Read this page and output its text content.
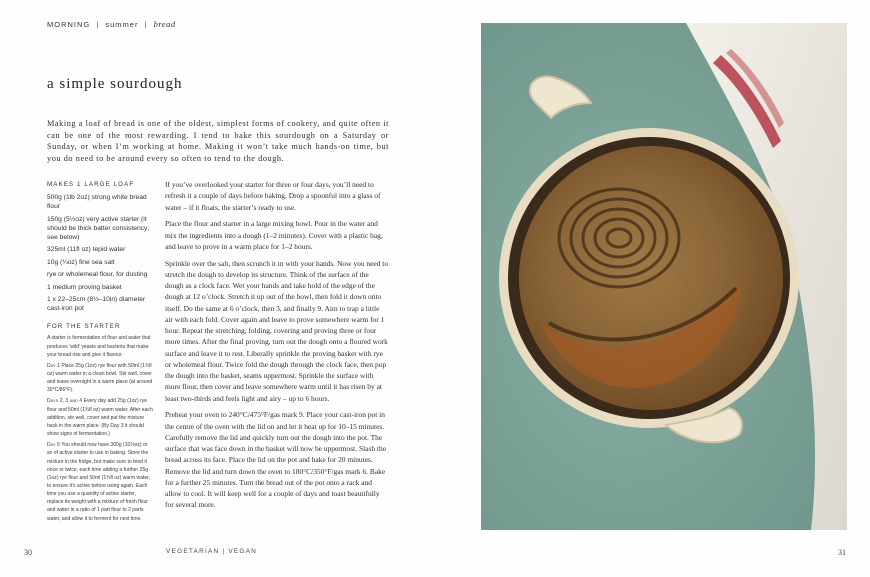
MORNING | summer | bread
a simple sourdough

Making a loaf of bread is one of the oldest, simplest forms of cookery, and quite often it can be one of the most rewarding. I tend to bake this sourdough on a Saturday or Sunday, or when I’m working at home. Making it won’t take much hands-on time, but you do need to be around every so often to tend to the dough.

MAKES 1 LARGE LOAF
500g (1lb 2oz) strong white bread flour
150g (5½oz) very active starter (it should be thick batter consistency; see below)
325ml (11fl oz) tepid water
10g (¼oz) fine sea salt
rye or wholemeal flour, for dusting
1 medium proving basket
1 x 22–25cm (8½–10in) diameter cast-iron pot
FOR THE STARTER

A starter is fermentation of flour and water that produces ‘wild’ yeasts and bacteria that make your bread rise and give it flavour.

Day 1 Place 25g (1oz) rye flour with 50ml (1¾fl oz) warm water in a clean bowl. Stir well, cover and leave overnight in a warm place (at around 30°C/86°F).

Days 2, 3 and 4 Every day add 25g (1oz) rye flour and 50ml (1¾fl oz) warm water. After each addition, stir well, cover and put the mixture back in the warm place. (By Day 3 it should show signs of fermentation.)

Day 5 You should now have 300g (10½oz) or so of active starter to use in baking. Store the mixture in the fridge, but make sure to feed it once or twice, each time adding a further 25g (1oz) rye flour and 50ml (1¾fl oz) warm water, to ensure it’s active before using again. Each time you use a quantity of active starter, replace its weight with a mixture of fresh flour and water in a ratio of 1 part flour to 2 parts water, and allow it to ferment for next time.

If you’ve overlooked your starter for three or four days, you’ll need to refresh it a couple of days before baking. Drop a spoonful into a glass of water – if it floats, the starter’s ready to use.

Place the flour and starter in a large mixing bowl. Pour in the water and mix the ingredients into a dough (1–2 minutes). Cover with a plastic bag, and leave to prove in a warm place for 1–2 hours.

Sprinkle over the salt, then scrunch it in with your hands. Now you need to stretch the dough to develop its structure. Think of the surface of the dough as a clock face. Wet your hands and take hold of the edge of the dough at 12 o’clock. Stretch it up out of the bowl, then fold it down onto itself. Do the same at 6 o’clock, then 3, and finally 9. Aim to trap a little air with each fold. Cover again and leave to prove somewhere warm for 1 hour. Repeat the stretching, folding, covering and proving three or four more times. After the final proving, turn out the dough onto a floured work surface and leave it to rest. Liberally sprinkle the proving basket with rye or wholemeal flour. Twice fold the dough through the clock face, then pop the dough into the basket, seams uppermost. Sprinkle the surface with more flour, then cover and leave somewhere warm until it has risen by at least two-thirds and feels light and airy – up to 6 hours.

Preheat your oven to 240°C/475°F/gas mark 9. Place your cast-iron pot in the centre of the oven with the lid on and let it heat up for 10–15 minutes. Carefully remove the lid and quickly turn out the dough into the pot. The surface that was face down in the basket will now be uppermost. Slash the bread across its face. Place the lid on the pot and bake for 20 minutes. Remove the lid and turn down the oven to 180°C/350°F/gas mark 6. Bake for a further 25 minutes. Turn the bread out of the pot onto a rack and allow to cool. It will keep well for a couple of days and toast beautifully for several more.

30	VEGETARIAN | VEGAN	31
